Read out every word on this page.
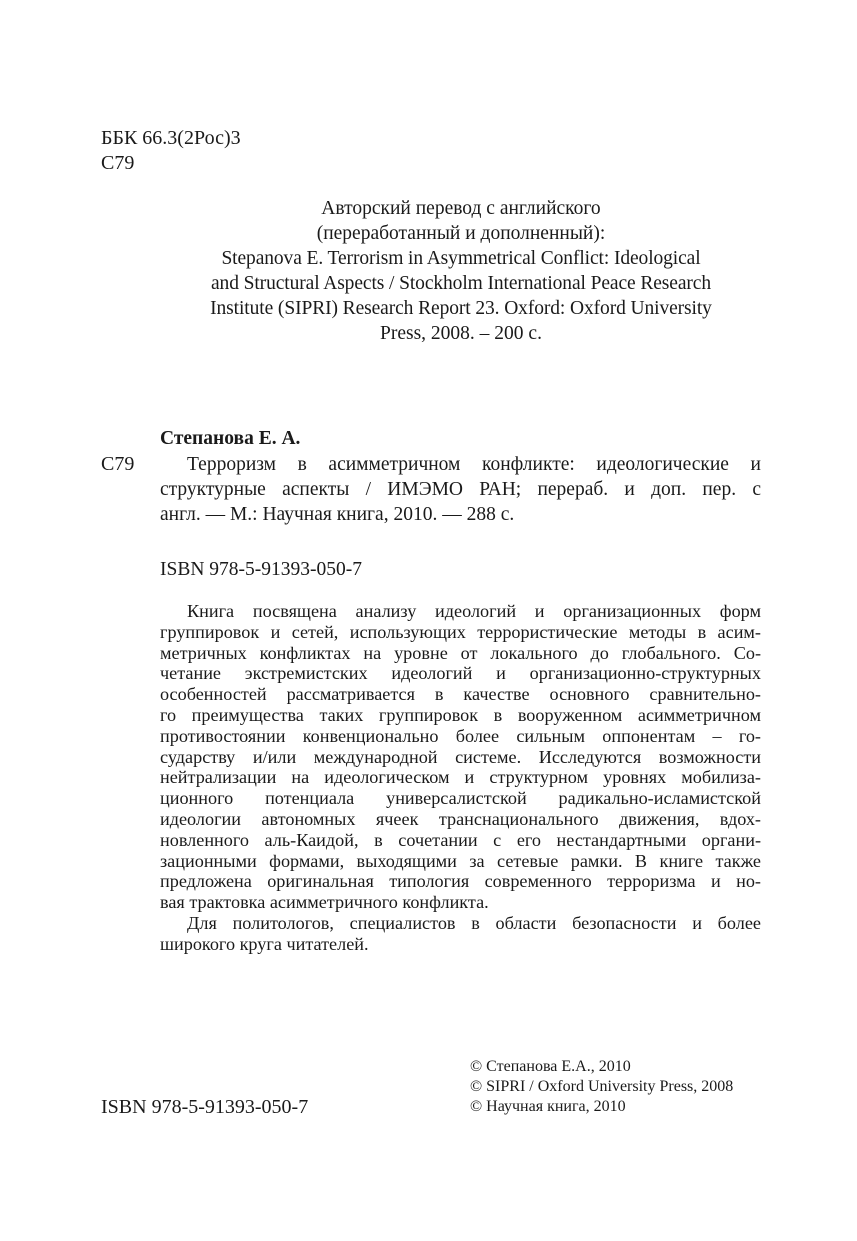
ББК 66.3(2Рос)3
С79
Авторский перевод с английского
(переработанный и дополненный):
Stepanova E. Terrorism in Asymmetrical Conflict: Ideological
and Structural Aspects / Stockholm International Peace Research
Institute (SIPRI) Research Report 23. Oxford: Oxford University
Press, 2008. – 200 с.
Степанова Е. А.
С79	Терроризм в асимметричном конфликте: идеологические и
структурные аспекты / ИМЭМО РАН; перераб. и доп. пер. с
англ. — М.: Научная книга, 2010. — 288 с.
ISBN 978-5-91393-050-7
Книга посвящена анализу идеологий и организационных форм
группировок и сетей, использующих террористические методы в асим-
метричных конфликтах на уровне от локального до глобального. Со-
четание экстремистских идеологий и организационно-структурных
особенностей рассматривается в качестве основного сравнительно-
го преимущества таких группировок в вооруженном асимметричном
противостоянии конвенционально более сильным оппонентам – го-
сударству и/или международной системе. Исследуются возможности
нейтрализации на идеологическом и структурном уровнях мобилиза-
ционного потенциала универсалистской радикально-исламистской
идеологии автономных ячеек транснационального движения, вдох-
новленного аль-Каидой, в сочетании с его нестандартными органи-
зационными формами, выходящими за сетевые рамки. В книге также
предложена оригинальная типология современного терроризма и но-
вая трактовка асимметричного конфликта.
Для политологов, специалистов в области безопасности и более
широкого круга читателей.
© Степанова Е.А., 2010
© SIPRI / Oxford University Press, 2008
© Научная книга, 2010
ISBN 978-5-91393-050-7
